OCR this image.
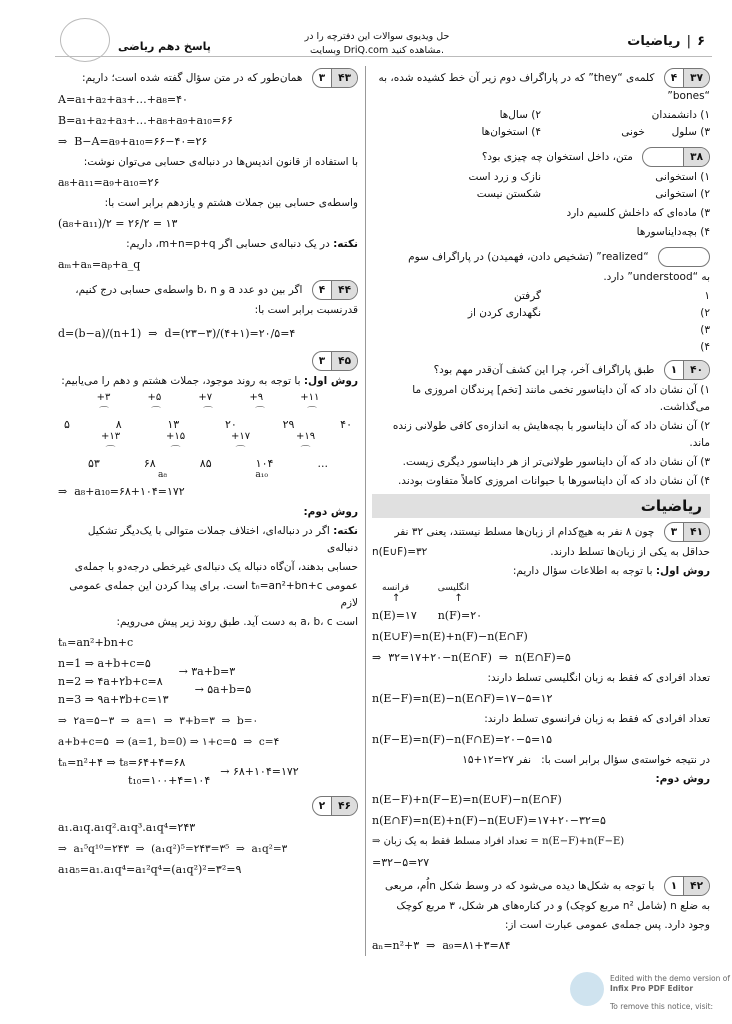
پاسخ دهم ریاضی
حل ویدیوی سوالات این دفترچه را در
وبسایت DriQ.com مشاهده کنید.
ریاضیات | ۶
۴	۳۷
کلمه‌ی “they” که در پاراگراف دوم زیر آن خط کشیده شده، به “bones”
۱) دانشمندان
۲) سال‌ها
۳) سلول        خونی
۴) استخوان‌ها
۳۸
متن، داخل استخوان چه چیزی بود؟
۱) استخوانی
نازک و زرد است
۲) استخوانی
شکستن نیست
۳) ماده‌ای که داخلش کلسیم دارد
۴) بچه‌دایناسورها
“realized” (تشخیص دادن، فهمیدن) در پاراگراف سوم
به “understood” دارد.
۱
گرفتن
۲)
نگهداری کردن از
۳)
۴)
۱	۴۰
طبق پاراگراف آخر، چرا این کشف آن‌قدر مهم بود؟
۱) آن نشان داد که آن دایناسور تخمی مانند [تخم] پرندگان امروزی ما می‌گذاشت.
۲) آن نشان داد که آن دایناسور با بچه‌هایش به اندازه‌ی کافی طولانی زنده ماند.
۳) آن نشان داد که آن دایناسور طولانی‌تر از هر دایناسور دیگری زیست.
۴) آن نشان داد که آن دایناسورها با حیوانات امروزی کاملاً متفاوت بودند.
ریاضیات
۳	۴۱
چون ۸ نفر به هیچ‌کدام از زبان‌ها مسلط نیستند، یعنی ۳۲ نفر
حداقل به یکی از زبان‌ها تسلط دارند.
n(E∪F)=۳۲
روش اول: با توجه به اطلاعات سؤال داریم:
انگلیسی          فرانسه
↑                 ↑
n(E)=۱۷      n(F)=۲۰
n(E∪F)=n(E)+n(F)−n(E∩F)
⇒  ۳۲=۱۷+۲۰−n(E∩F)  ⇒  n(E∩F)=۵
تعداد افرادی که فقط به زبان انگلیسی تسلط دارند:
n(E−F)=n(E)−n(E∩F)=۱۷−۵=۱۲
تعداد افرادی که فقط به زبان فرانسوی تسلط دارند:
n(F−E)=n(F)−n(F∩E)=۲۰−۵=۱۵
در نتیجه خواسته‌ی سؤال برابر است با:   نفر ۲۷=۱۲+۱۵
روش دوم:
n(E−F)+n(F−E)=n(E∪F)−n(E∩F)
n(E∩F)=n(E)+n(F)−n(E∪F)=۱۷+۲۰−۳۲=۵
⇒ تعداد افراد مسلط فقط به یک زبان = n(E−F)+n(F−E)
=۳۲−۵=۲۷
۱	۴۲
با توجه به شکل‌ها دیده می‌شود که در وسط شکل nاُم، مربعی
به ضلع n (شامل n² مربع کوچک) و در کناره‌های هر شکل، ۳ مربع کوچک
وجود دارد. پس جمله‌ی عمومی عبارت است از:
aₙ=n²+۳  ⇒  a₉=۸۱+۳=۸۴
۳	۴۳
همان‌طور که در متن سؤال گفته شده است؛ داریم:
A=a₁+a₂+a₃+…+a₈=۴۰
B=a₁+a₂+a₃+…+a₈+a₉+a₁₀=۶۶
⇒  B−A=a₉+a₁₀=۶۶−۴۰=۲۶
با استفاده از قانون اندیس‌ها در دنباله‌ی حسابی می‌توان نوشت:
a₈+a₁₁=a₉+a₁₀=۲۶
واسطه‌ی حسابی بین جملات هشتم و یازدهم برابر است با:
(a₈+a₁₁)/۲ = ۲۶/۲ = ۱۳
نکته: در یک دنباله‌ی حسابی اگر m+n=p+q، داریم:
aₘ+aₙ=aₚ+a_q
۴	۴۴
اگر بین دو عدد a و b، n واسطه‌ی حسابی درج کنیم،
قدرنسبت برابر است با:
d=(b−a)/(n+1)  ⇒  d=(۲۳−۳)/(۴+۱)=۲۰/۵=۴
۳	۴۵
روش اول: با توجه به روند موجود، جملات هشتم و دهم را می‌یابیم:
+۳	+۵	+۷	+۹	+۱۱
⌒	⌒	⌒	⌒	⌒
۵	۸	۱۳	۲۰	۲۹	۴۰
+۱۳	+۱۵	+۱۷	+۱۹
⌒	⌒	⌒	⌒
۵۳	۶۸	۸۵	۱۰۴	...
a₈	a₁₀
⇒  a₈+a₁₀=۶۸+۱۰۴=۱۷۲
روش دوم:
نکته: اگر در دنباله‌ای، اختلاف جملات متوالی با یک‌دیگر تشکیل دنباله‌ی
حسابی بدهند، آن‌گاه دنباله یک دنباله‌ی غیرخطی درجه‌دو با جمله‌ی
عمومی tₙ=an²+bn+c است. برای پیدا کردن این جمله‌ی عمومی لازم
است a، b، c به دست آید. طبق روند زیر پیش می‌رویم:
tₙ=an²+bn+c
n=1 ⇒ a+b+c=۵
n=2 ⇒ ۴a+۲b+c=۸
n=3 ⇒ ۹a+۳b+c=۱۳
→ ۳a+b=۳
→ ۵a+b=۵
⇒  ۲a=۵−۳  ⇒  a=۱  ⇒  ۳+b=۳  ⇒  b=۰
a+b+c=۵  ⇒ (a=1, b=0) ⇒ ۱+c=۵  ⇒  c=۴
tₙ=n²+۴ ⇒ t₈=۶۴+۴=۶۸
t₁₀=۱۰۰+۴=۱۰۴
→ ۶۸+۱۰۴=۱۷۲
۲	۴۶
a₁.a₁q.a₁q².a₁q³.a₁q⁴=۲۴۳
⇒  a₁⁵q¹⁰=۲۴۳  ⇒  (a₁q²)⁵=۲۴۳=۳⁵  ⇒  a₁q²=۳
a₁a₅=a₁.a₁q⁴=a₁²q⁴=(a₁q²)²=۳²=۹
Edited with the demo version of
Infix Pro PDF Editor
To remove this notice, visit:
